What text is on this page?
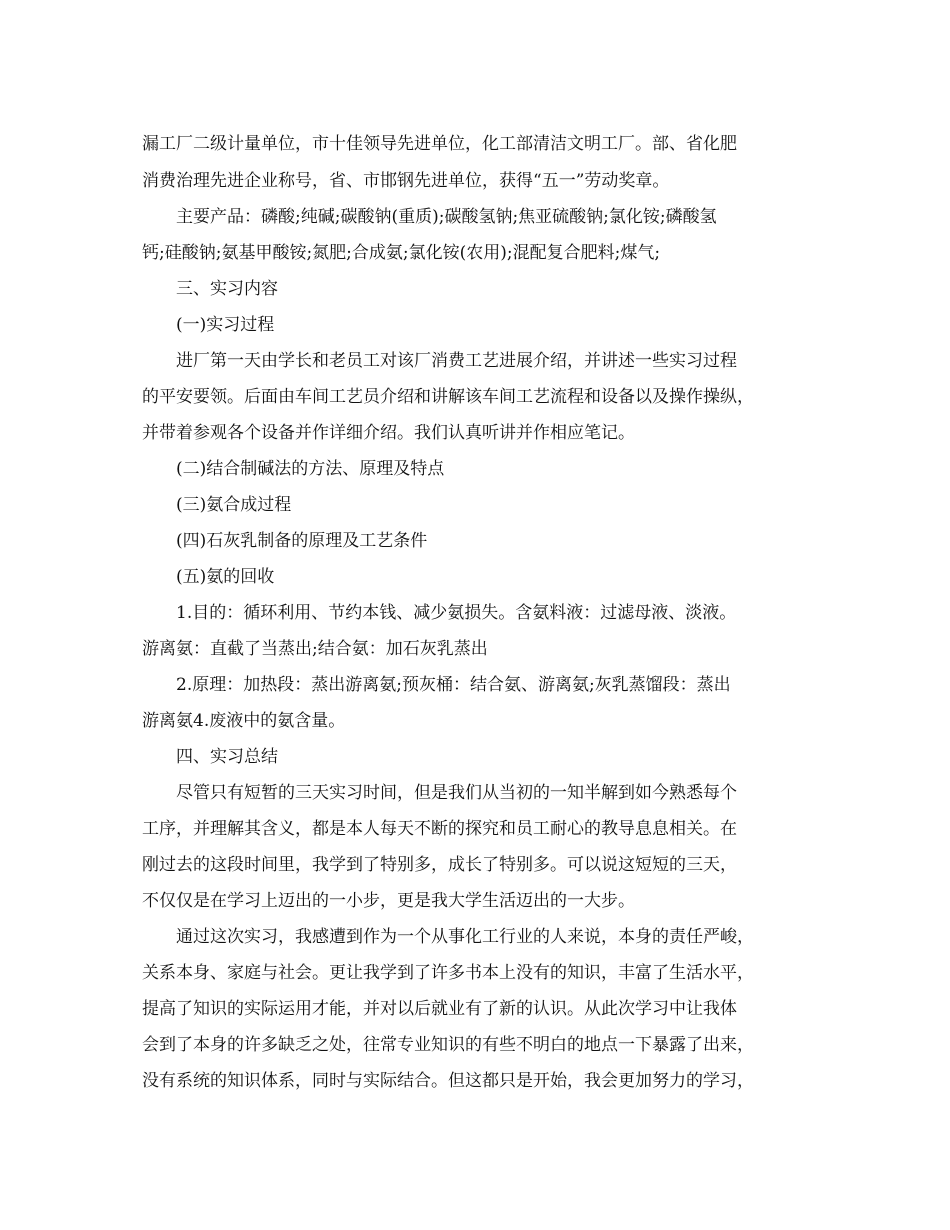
漏工厂二级计量单位，市十佳领导先进单位，化工部清洁文明工厂。部、省化肥
消费治理先进企业称号，省、市邯钢先进单位，获得“五一”劳动奖章。
主要产品：磷酸;纯碱;碳酸钠(重质);碳酸氢钠;焦亚硫酸钠;氯化铵;磷酸氢
钙;硅酸钠;氨基甲酸铵;氮肥;合成氨;氯化铵(农用);混配复合肥料;煤气;
三、实习内容
(一)实习过程
进厂第一天由学长和老员工对该厂消费工艺进展介绍，并讲述一些实习过程
的平安要领。后面由车间工艺员介绍和讲解该车间工艺流程和设备以及操作操纵，
并带着参观各个设备并作详细介绍。我们认真听讲并作相应笔记。
(二)结合制碱法的方法、原理及特点
(三)氨合成过程
(四)石灰乳制备的原理及工艺条件
(五)氨的回收
1.目的：循环利用、节约本钱、减少氨损失。含氨料液：过滤母液、淡液。
游离氨：直截了当蒸出;结合氨：加石灰乳蒸出
2.原理：加热段：蒸出游离氨;预灰桶：结合氨、游离氨;灰乳蒸馏段：蒸出
游离氨4.废液中的氨含量。
四、实习总结
尽管只有短暂的三天实习时间，但是我们从当初的一知半解到如今熟悉每个
工序，并理解其含义，都是本人每天不断的探究和员工耐心的教导息息相关。在
刚过去的这段时间里，我学到了特别多，成长了特别多。可以说这短短的三天，
不仅仅是在学习上迈出的一小步，更是我大学生活迈出的一大步。
通过这次实习，我感遭到作为一个从事化工行业的人来说，本身的责任严峻，
关系本身、家庭与社会。更让我学到了许多书本上没有的知识，丰富了生活水平，
提高了知识的实际运用才能，并对以后就业有了新的认识。从此次学习中让我体
会到了本身的许多缺乏之处，往常专业知识的有些不明白的地点一下暴露了出来，
没有系统的知识体系，同时与实际结合。但这都只是开始，我会更加努力的学习，
